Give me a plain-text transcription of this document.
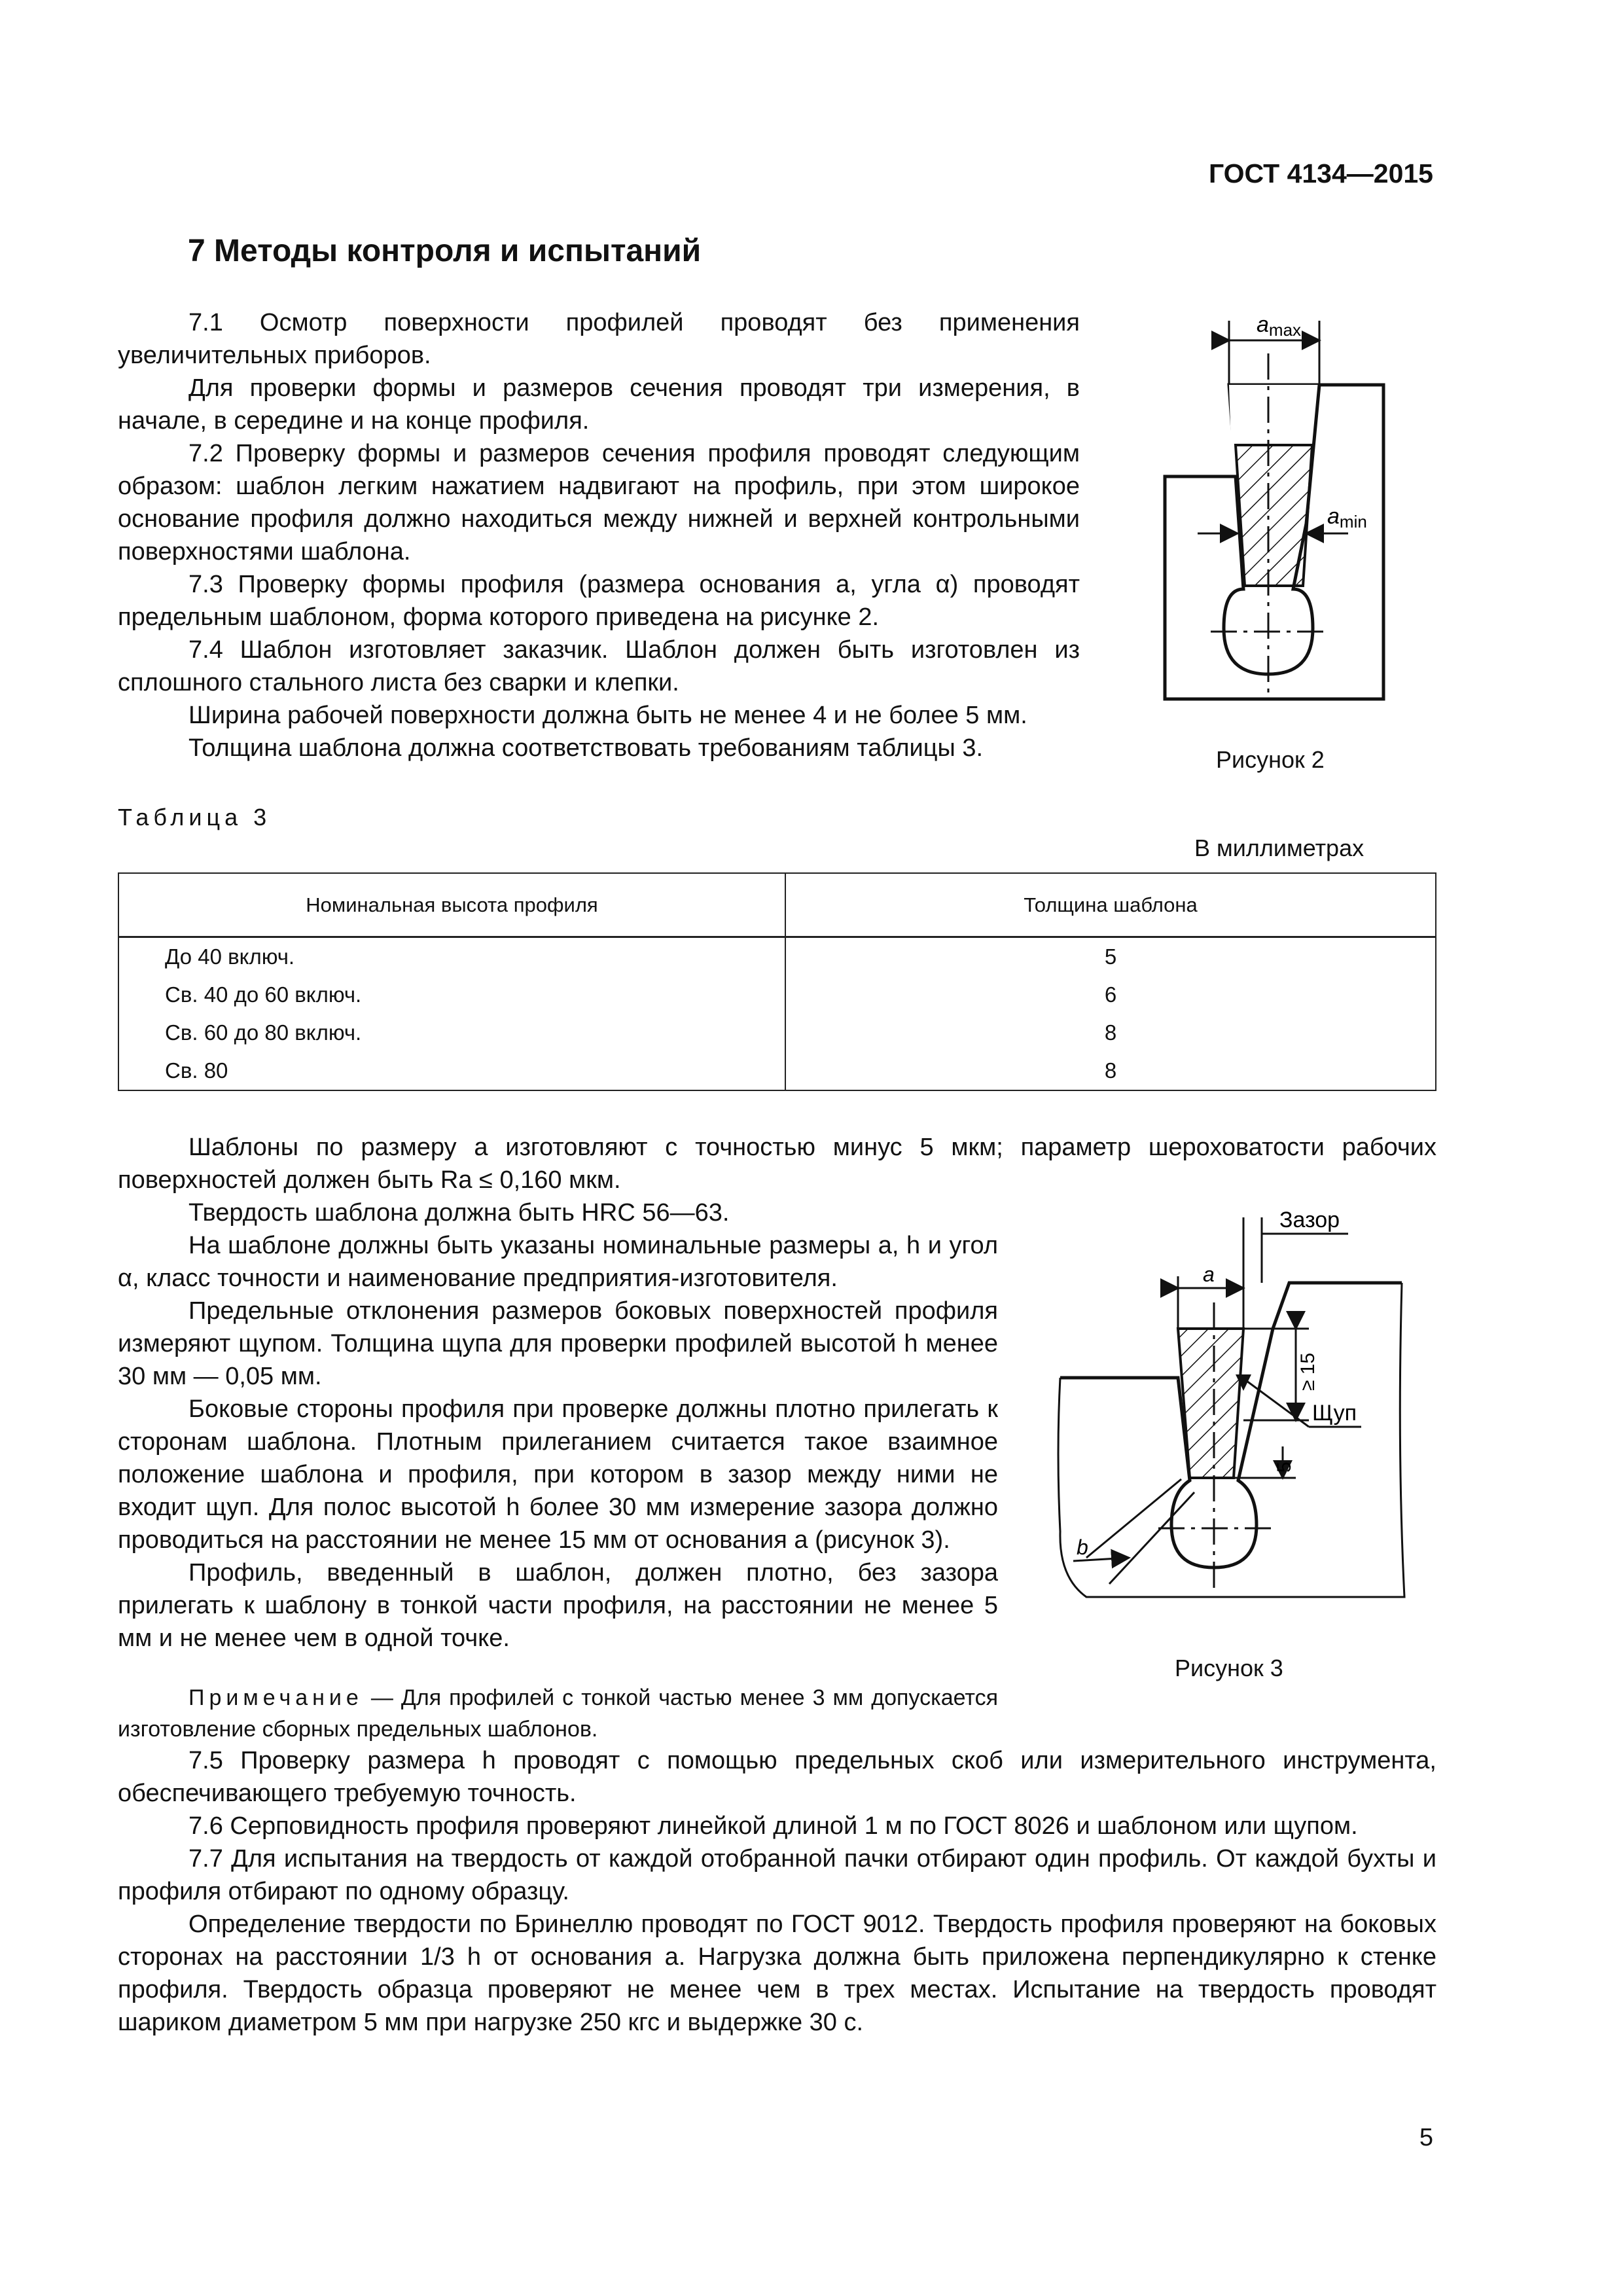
ГОСТ 4134—2015
7 Методы контроля и испытаний

7.1 Осмотр поверхности профилей проводят без применения увеличительных приборов.

Для проверки формы и размеров сечения проводят три измерения, в начале, в середине и на конце профиля.

7.2 Проверку формы и размеров сечения профиля проводят следующим образом: шаблон легким нажатием надвигают на профиль, при этом широкое основание профиля должно находиться между нижней и верхней контрольными поверхностями шаблона.

7.3 Проверку формы профиля (размера основания a, угла α) проводят предельным шаблоном, форма которого приведена на рисунке 2.

7.4 Шаблон изготовляет заказчик. Шаблон должен быть изготовлен из сплошного стального листа без сварки и клепки.

Ширина рабочей поверхности должна быть не менее 4 и не более 5 мм.

Толщина шаблона должна соответствовать требованиям таблицы 3.

amax
amin
Рисунок 2
Таблица 3
В миллиметрах
Номинальная высота профиля	Толщина шаблона
До 40 включ.	5
Св. 40 до 60 включ.	6
Св. 60 до 80 включ.	8
Св. 80	8

Шаблоны по размеру a изготовляют с точностью минус 5 мкм; параметр шероховатости рабочих поверхностей должен быть Ra ≤ 0,160 мкм.

Твердость шаблона должна быть HRC 56—63.

На шаблоне должны быть указаны номинальные размеры a, h и угол α, класс точности и наименование предприятия-изготовителя.

Предельные отклонения размеров боковых поверхностей профиля измеряют щупом. Толщина щупа для проверки профилей высотой h менее 30 мм — 0,05 мм.

Боковые стороны профиля при проверке должны плотно прилегать к сторонам шаблона. Плотным прилеганием считается такое взаимное положение шаблона и профиля, при котором в зазор между ними не входит щуп. Для полос высотой h более 30 мм измерение зазора должно проводиться на расстоянии не менее 15 мм от основания a (рисунок 3).

Профиль, введенный в шаблон, должен плотно, без зазора прилегать к шаблону в тонкой части профиля, на расстоянии не менее 5 мм и не менее чем в одной точке.

Примечание — Для профилей с тонкой частью менее 3 мм допускается изготовление сборных предельных шаблонов.

a
Зазор
≥ 15
5
Щуп
b
Рисунок 3

7.5 Проверку размера h проводят с помощью предельных скоб или измерительного инструмента, обеспечивающего требуемую точность.

7.6 Серповидность профиля проверяют линейкой длиной 1 м по ГОСТ 8026 и шаблоном или щупом.

7.7 Для испытания на твердость от каждой отобранной пачки отбирают один профиль. От каждой бухты и профиля отбирают по одному образцу.

Определение твердости по Бринеллю проводят по ГОСТ 9012. Твердость профиля проверяют на боковых сторонах на расстоянии 1/3 h от основания a. Нагрузка должна быть приложена перпендикулярно к стенке профиля. Твердость образца проверяют не менее чем в трех местах. Испытание на твердость проводят шариком диаметром 5 мм при нагрузке 250 кгс и выдержке 30 с.

5
